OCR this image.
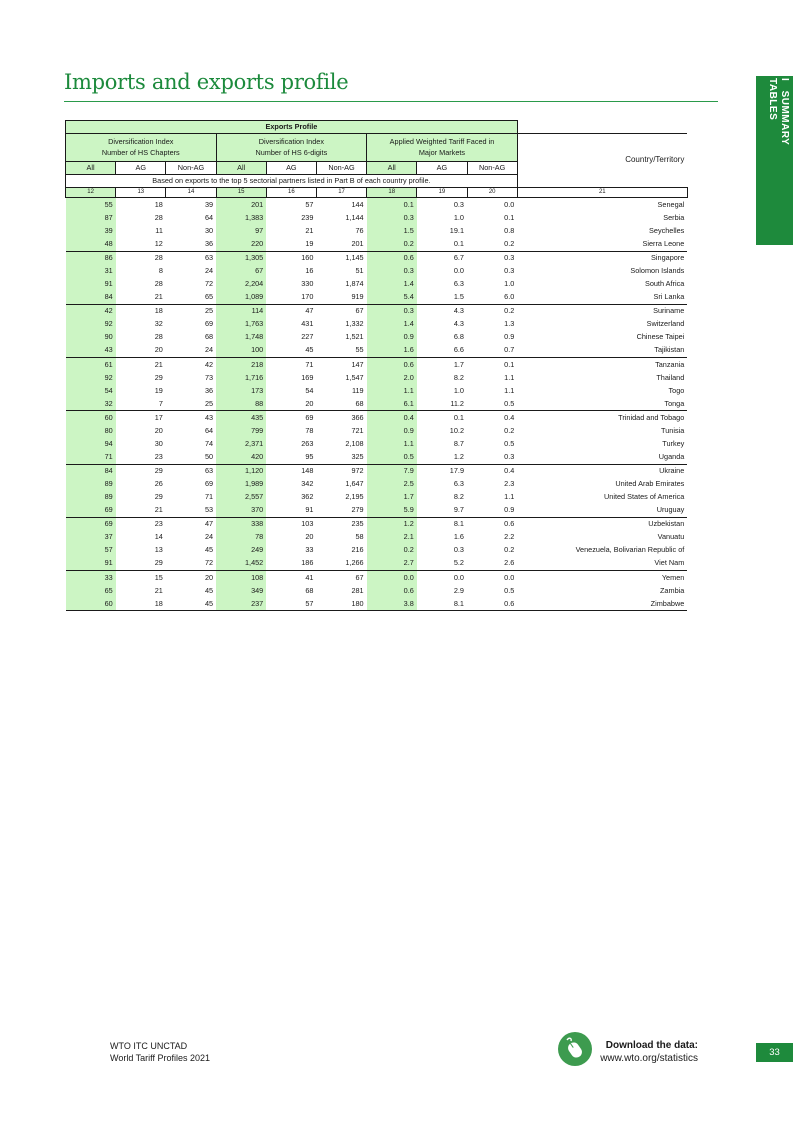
Imports and exports profile	I SUMMARY
TABLES
Exports Profile									
Diversification Index
Number of HS Chapters			Diversification Index
Number of HS 6-digits			Applied Weighted Tariff Faced in
Major Markets			Country/Territory
All	AG	Non-AG	All	AG	Non-AG	All	AG	Non-AG	
Based on exports to the top 5 sectorial partners listed in Part B of each country profile.									
12	13	14	15	16	17	18	19	20	21
55	18	39	201	57	144	0.1	0.3	0.0	Senegal
87	28	64	1,383	239	1,144	0.3	1.0	0.1	Serbia
39	11	30	97	21	76	1.5	19.1	0.8	Seychelles
48	12	36	220	19	201	0.2	0.1	0.2	Sierra Leone
86	28	63	1,305	160	1,145	0.6	6.7	0.3	Singapore
31	8	24	67	16	51	0.3	0.0	0.3	Solomon Islands
91	28	72	2,204	330	1,874	1.4	6.3	1.0	South Africa
84	21	65	1,089	170	919	5.4	1.5	6.0	Sri Lanka
42	18	25	114	47	67	0.3	4.3	0.2	Suriname
92	32	69	1,763	431	1,332	1.4	4.3	1.3	Switzerland
90	28	68	1,748	227	1,521	0.9	6.8	0.9	Chinese Taipei
43	20	24	100	45	55	1.6	6.6	0.7	Tajikistan
61	21	42	218	71	147	0.6	1.7	0.1	Tanzania
92	29	73	1,716	169	1,547	2.0	8.2	1.1	Thailand
54	19	36	173	54	119	1.1	1.0	1.1	Togo
32	7	25	88	20	68	6.1	11.2	0.5	Tonga
60	17	43	435	69	366	0.4	0.1	0.4	Trinidad and Tobago
80	20	64	799	78	721	0.9	10.2	0.2	Tunisia
94	30	74	2,371	263	2,108	1.1	8.7	0.5	Turkey
71	23	50	420	95	325	0.5	1.2	0.3	Uganda
84	29	63	1,120	148	972	7.9	17.9	0.4	Ukraine
89	26	69	1,989	342	1,647	2.5	6.3	2.3	United Arab Emirates
89	29	71	2,557	362	2,195	1.7	8.2	1.1	United States of America
69	21	53	370	91	279	5.9	9.7	0.9	Uruguay
69	23	47	338	103	235	1.2	8.1	0.6	Uzbekistan
37	14	24	78	20	58	2.1	1.6	2.2	Vanuatu
57	13	45	249	33	216	0.2	0.3	0.2	Venezuela, Bolivarian Republic of
91	29	72	1,452	186	1,266	2.7	5.2	2.6	Viet Nam
33	15	20	108	41	67	0.0	0.0	0.0	Yemen
65	21	45	349	68	281	0.6	2.9	0.5	Zambia
60	18	45	237	57	180	3.8	8.1	0.6	Zimbabwe
WTO ITC UNCTAD
World Tariff Profiles 2021
Download the data:
www.wto.org/statistics
33
